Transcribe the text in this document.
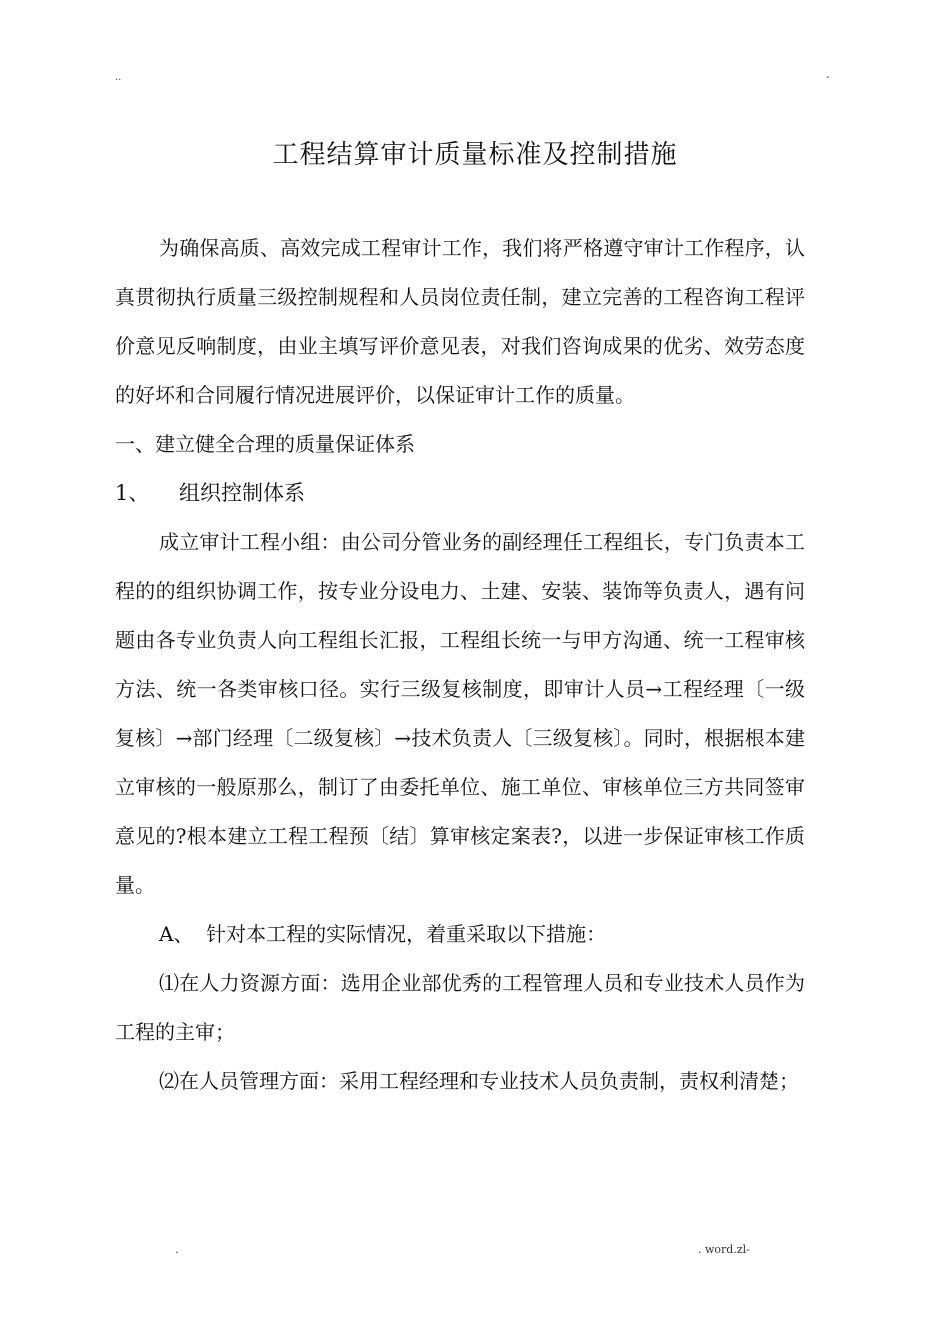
..	-
工程结算审计质量标准及控制措施

为确保高质、高效完成工程审计工作，我们将严格遵守审计工作程序，认真贯彻执行质量三级控制规程和人员岗位责任制，建立完善的工程咨询工程评价意见反响制度，由业主填写评价意见表，对我们咨询成果的优劣、效劳态度的好坏和合同履行情况进展评价，以保证审计工作的质量。

一、建立健全合理的质量保证体系

1、 组织控制体系

成立审计工程小组：由公司分管业务的副经理任工程组长，专门负责本工程的的组织协调工作，按专业分设电力、土建、安装、装饰等负责人，遇有问题由各专业负责人向工程组长汇报，工程组长统一与甲方沟通、统一工程审核方法、统一各类审核口径。实行三级复核制度，即审计人员→工程经理〔一级复核〕→部门经理〔二级复核〕→技术负责人〔三级复核〕。同时，根据根本建立审核的一般原那么，制订了由委托单位、施工单位、审核单位三方共同签审意见的?根本建立工程工程预〔结〕算审核定案表?，以进一步保证审核工作质量。

A、  针对本工程的实际情况，着重采取以下措施：

⑴在人力资源方面：选用企业部优秀的工程管理人员和专业技术人员作为工程的主审；

⑵在人员管理方面：采用工程经理和专业技术人员负责制，责权利清楚；

.	. word.zl-
